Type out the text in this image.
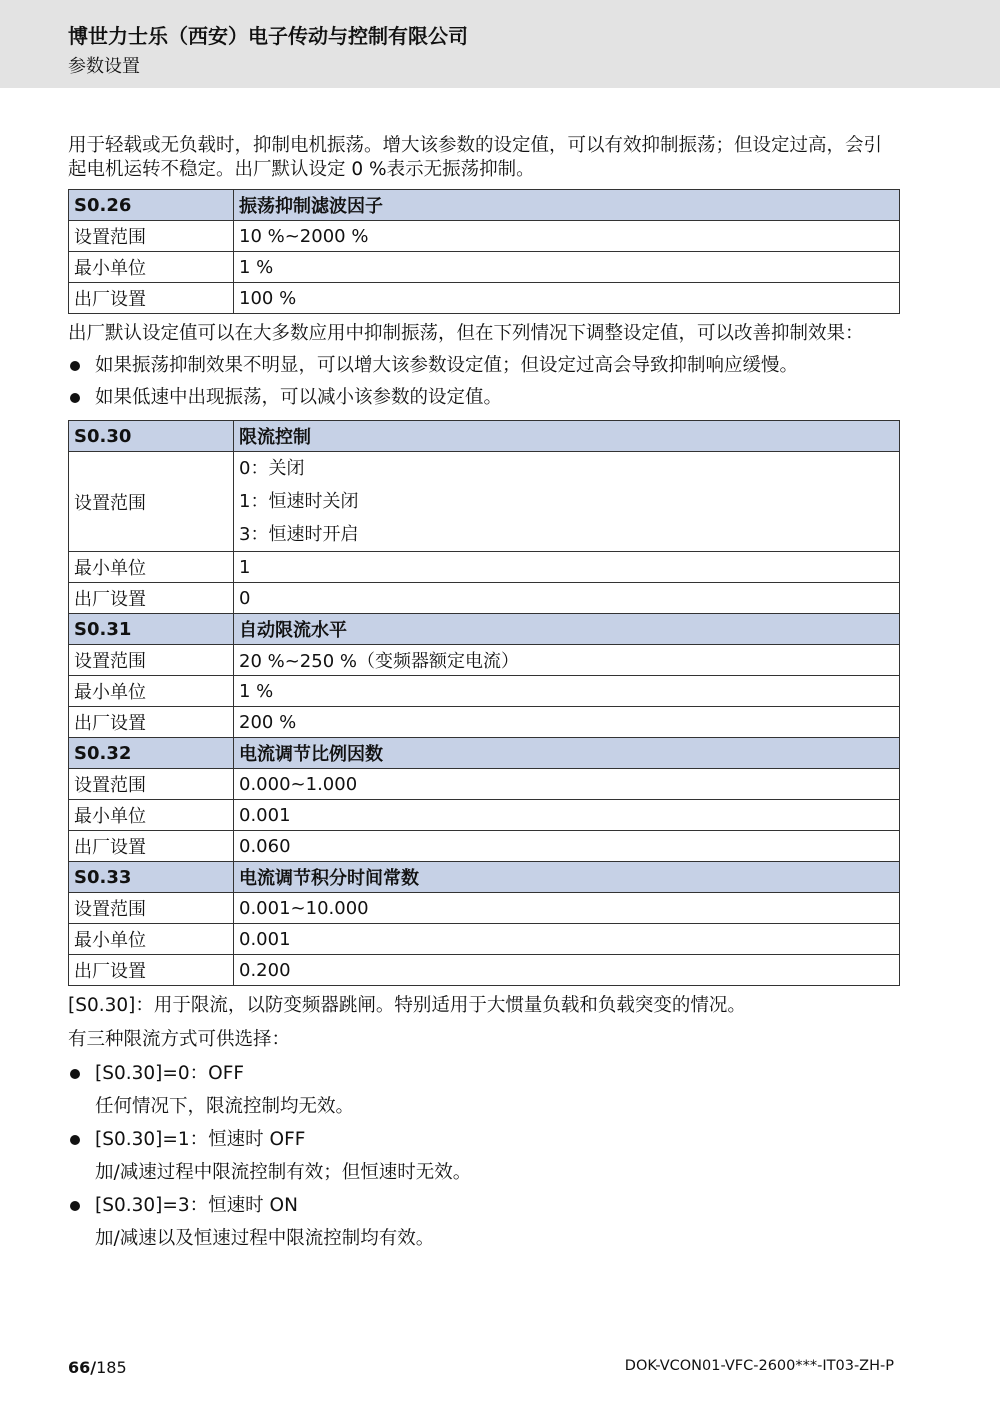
博世力士乐（西安）电子传动与控制有限公司
参数设置

用于轻载或无负载时，抑制电机振荡。增大该参数的设定值，可以有效抑制振荡；但设定过高，会引起电机运转不稳定。出厂默认设定 0 %表示无振荡抑制。

S0.26	振荡抑制滤波因子
设置范围	10 %~2000 %
最小单位	1 %
出厂设置	100 %

出厂默认设定值可以在大多数应用中抑制振荡，但在下列情况下调整设定值，可以改善抑制效果：

如果振荡抑制效果不明显，可以增大该参数设定值；但设定过高会导致抑制响应缓慢。
如果低速中出现振荡，可以减小该参数的设定值。
S0.30	限流控制
设置范围	0：关闭
1：恒速时关闭
3：恒速时开启

最小单位	1
出厂设置	0
S0.31	自动限流水平
设置范围	20 %~250 %（变频器额定电流）
最小单位	1 %
出厂设置	200 %
S0.32	电流调节比例因数
设置范围	0.000~1.000
最小单位	0.001
出厂设置	0.060
S0.33	电流调节积分时间常数
设置范围	0.001~10.000
最小单位	0.001
出厂设置	0.200

[S0.30]：用于限流，以防变频器跳闸。特别适用于大惯量负载和负载突变的情况。

有三种限流方式可供选择：

[S0.30]=0：OFF
任何情况下，限流控制均无效。
[S0.30]=1：恒速时 OFF
加/减速过程中限流控制有效；但恒速时无效。
[S0.30]=3：恒速时 ON
加/减速以及恒速过程中限流控制均有效。
66/185	DOK-VCON01-VFC-2600***-IT03-ZH-P
